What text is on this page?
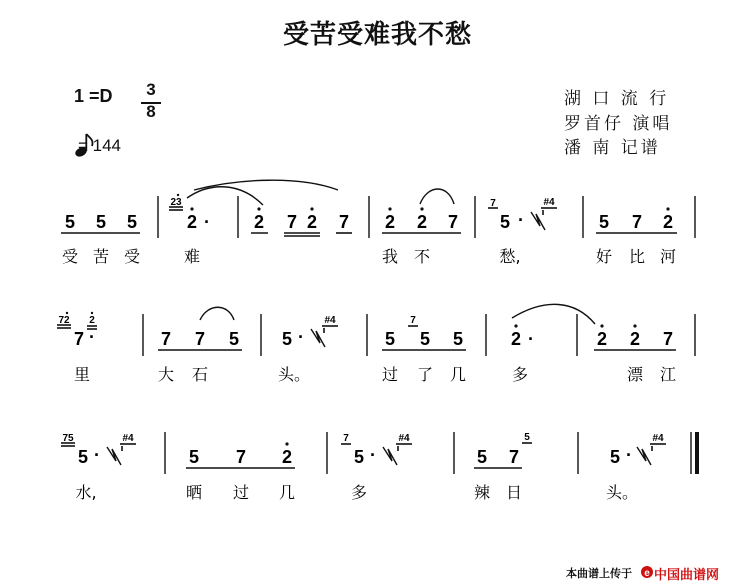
受苦受难我不愁
1 =D 3
8
= 144
湖 口 流 行
罗首仔 演唱
潘 南 记谱
5 5 5
23
2 · 2 7 2 7 2 2 7
7
5 ·
#4
5 7 2
受 苦 受	难	我 不	愁,	好 比 河
72
7 ·
2
7 7 5 5 ·
#4
5
7
5 5	2 ·	2 2 7
里	大 石	头。	过 了 几	多	漂 江
75
5 ·
#4
5 7 2
7
5 ·
#4
5 7
5
5 ·
#4
水,	晒 过 几	多	辣 日	头。
本曲谱上传于 e 中国曲谱网
